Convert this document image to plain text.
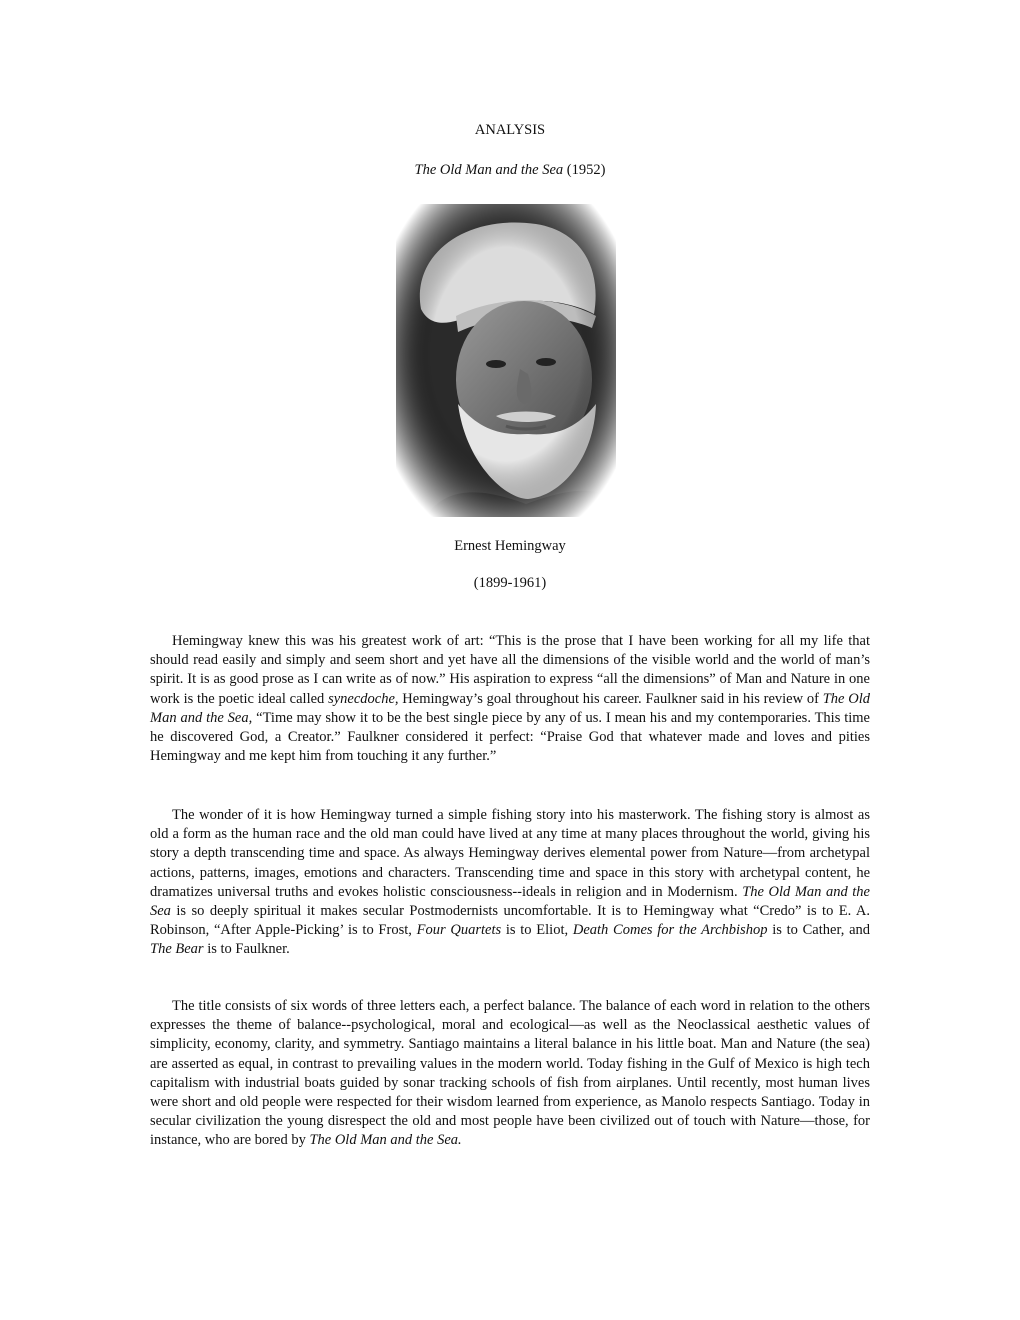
ANALYSIS
The Old Man and the Sea (1952)
Ernest Hemingway
(1899-1961)

Hemingway knew this was his greatest work of art: “This is the prose that I have been working for all my life that should read easily and simply and seem short and yet have all the dimensions of the visible world and the world of man’s spirit. It is as good prose as I can write as of now.” His aspiration to express “all the dimensions” of Man and Nature in one work is the poetic ideal called synecdoche, Hemingway’s goal throughout his career. Faulkner said in his review of The Old Man and the Sea, “Time may show it to be the best single piece by any of us. I mean his and my contemporaries. This time he discovered God, a Creator.” Faulkner considered it perfect: “Praise God that whatever made and loves and pities Hemingway and me kept him from touching it any further.”

The wonder of it is how Hemingway turned a simple fishing story into his masterwork. The fishing story is almost as old a form as the human race and the old man could have lived at any time at many places throughout the world, giving his story a depth transcending time and space. As always Hemingway derives elemental power from Nature—from archetypal actions, patterns, images, emotions and characters. Transcending time and space in this story with archetypal content, he dramatizes universal truths and evokes holistic consciousness--ideals in religion and in Modernism. The Old Man and the Sea is so deeply spiritual it makes secular Postmodernists uncomfortable. It is to Hemingway what “Credo” is to E. A. Robinson, “After Apple-Picking’ is to Frost, Four Quartets is to Eliot, Death Comes for the Archbishop is to Cather, and The Bear is to Faulkner.

The title consists of six words of three letters each, a perfect balance. The balance of each word in relation to the others expresses the theme of balance--psychological, moral and ecological—as well as the Neoclassical aesthetic values of simplicity, economy, clarity, and symmetry. Santiago maintains a literal balance in his little boat. Man and Nature (the sea) are asserted as equal, in contrast to prevailing values in the modern world. Today fishing in the Gulf of Mexico is high tech capitalism with industrial boats guided by sonar tracking schools of fish from airplanes. Until recently, most human lives were short and old people were respected for their wisdom learned from experience, as Manolo respects Santiago. Today in secular civilization the young disrespect the old and most people have been civilized out of touch with Nature—those, for instance, who are bored by The Old Man and the Sea.
